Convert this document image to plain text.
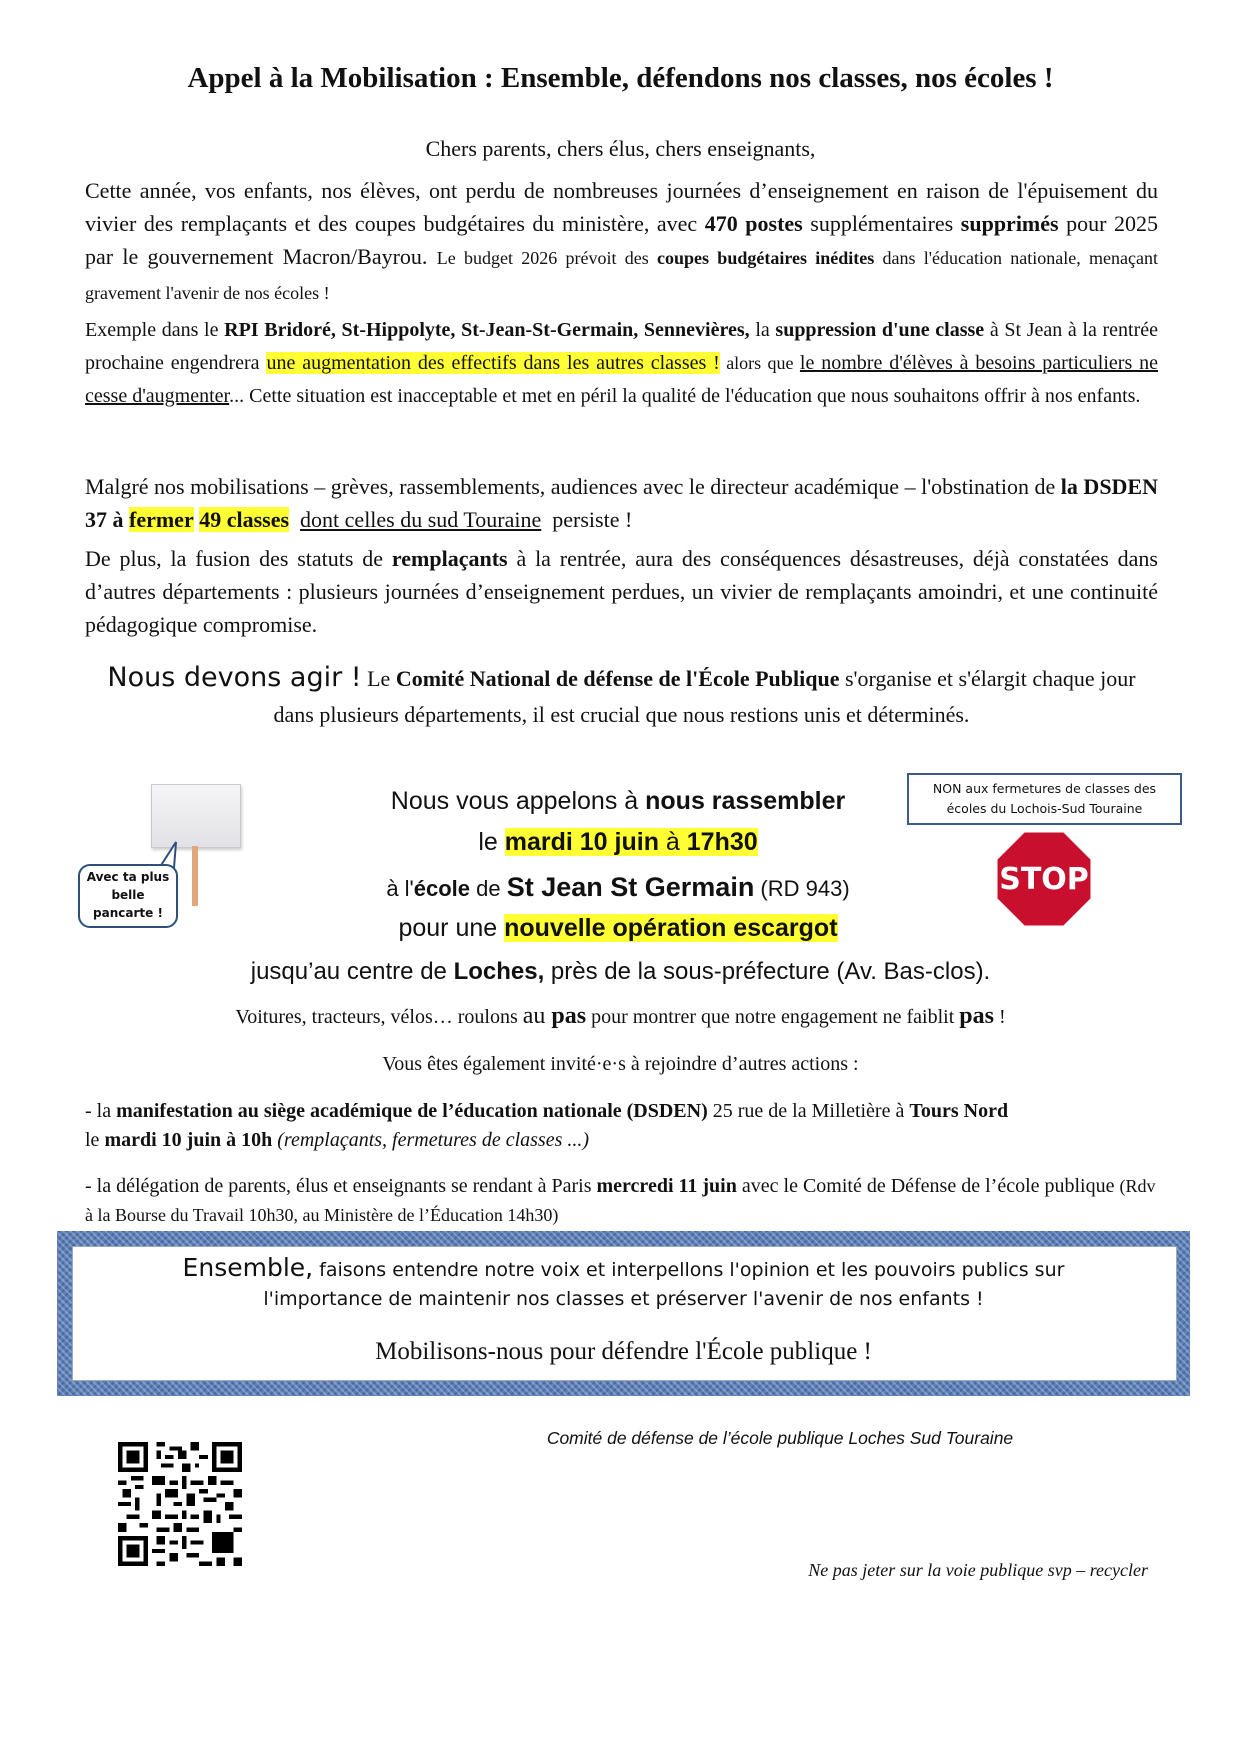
Appel à la Mobilisation : Ensemble, défendons nos classes, nos écoles !
Chers parents, chers élus, chers enseignants,

Cette année, vos enfants, nos élèves, ont perdu de nombreuses journées d’enseignement en raison de l'épuisement du vivier des remplaçants et des coupes budgétaires du ministère, avec 470 postes supplémentaires supprimés pour 2025 par le gouvernement Macron/Bayrou. Le budget 2026 prévoit des coupes budgétaires inédites dans l'éducation nationale, menaçant gravement l'avenir de nos écoles !

Exemple dans le RPI Bridoré, St-Hippolyte, St-Jean-St-Germain, Sennevières, la suppression d'une classe à St Jean à la rentrée prochaine engendrera une augmentation des effectifs dans les autres classes ! alors que le nombre d'élèves à besoins particuliers ne cesse d'augmenter... Cette situation est inacceptable et met en péril la qualité de l'éducation que nous souhaitons offrir à nos enfants.

Malgré nos mobilisations – grèves, rassemblements, audiences avec le directeur académique – l'obstination de la DSDEN 37 à fermer 49 classes dont celles du sud Touraine persiste !

De plus, la fusion des statuts de remplaçants à la rentrée, aura des conséquences désastreuses, déjà constatées dans d’autres départements : plusieurs journées d’enseignement perdues, un vivier de remplaçants amoindri, et une continuité pédagogique compromise.

Nous devons agir ! Le Comité National de défense de l'École Publique s'organise et s'élargit chaque jour dans plusieurs départements, il est crucial que nous restions unis et déterminés.

Avec ta plus
belle
pancarte !
NON aux fermetures de classes des
écoles du Lochois-Sud Touraine
STOP
Nous vous appelons à nous rassembler
le mardi 10 juin à 17h30
à l'école de St Jean St Germain (RD 943)
pour une nouvelle opération escargot
jusqu’au centre de Loches, près de la sous-préfecture (Av. Bas-clos).
Voitures, tracteurs, vélos… roulons au pas pour montrer que notre engagement ne faiblit pas !
Vous êtes également invité·e·s à rejoindre d’autres actions :

- la manifestation au siège académique de l’éducation nationale (DSDEN) 25 rue de la Milletière à Tours Nord
le mardi 10 juin à 10h (remplaçants, fermetures de classes ...)

- la délégation de parents, élus et enseignants se rendant à Paris mercredi 11 juin avec le Comité de Défense de l’école publique (Rdv à la Bourse du Travail 10h30, au Ministère de l’Éducation 14h30)

Ensemble, faisons entendre notre voix et interpellons l'opinion et les pouvoirs publics sur
l'importance de maintenir nos classes et préserver l'avenir de nos enfants !
Mobilisons-nous pour défendre l'École publique !
Comité de défense de l’école publique Loches Sud Touraine
Ne pas jeter sur la voie publique svp – recycler
